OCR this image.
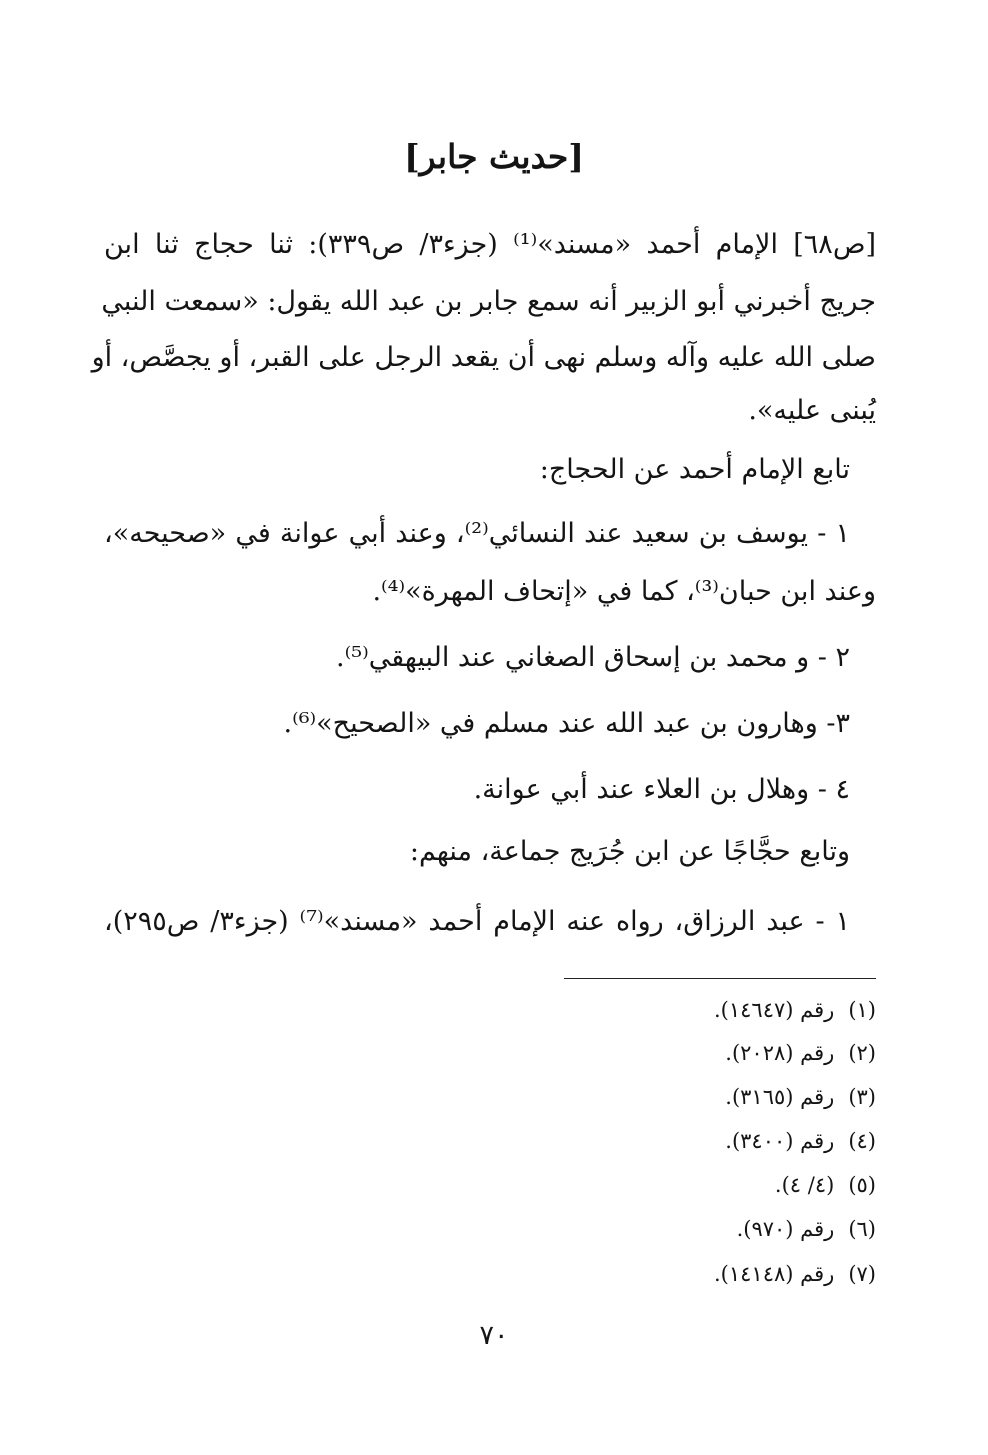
[حديث جابر]
[ص٦٨] الإمام أحمد «مسند»⁽¹⁾ (جزء٣/ ص٣٣٩): ثنا حجاج ثنا ابن
جريج أخبرني أبو الزبير أنه سمع جابر بن عبد الله يقول: «سمعت النبي
صلى الله عليه وآله وسلم نهى أن يقعد الرجل على القبر، أو يجصَّص، أو
يُبنى عليه».
تابع الإمام أحمد عن الحجاج:
١ - يوسف بن سعيد عند النسائي⁽²⁾، وعند أبي عوانة في «صحيحه»،
وعند ابن حبان⁽³⁾، كما في «إتحاف المهرة»⁽⁴⁾.
٢ - و محمد بن إسحاق الصغاني عند البيهقي⁽⁵⁾.
٣- وهارون بن عبد الله عند مسلم في «الصحيح»⁽⁶⁾.
٤ - وهلال بن العلاء عند أبي عوانة.
وتابع حجَّاجًا عن ابن جُرَيج جماعة، منهم:
١ - عبد الرزاق، رواه عنه الإمام أحمد «مسند»⁽⁷⁾ (جزء٣/ ص٢٩٥)،
(١)رقم (١٤٦٤٧).
(٢)رقم (٢٠٢٨).
(٣)رقم (٣١٦٥).
(٤)رقم (٣٤٠٠).
(٥)(٤/ ٤).
(٦)رقم (٩٧٠).
(٧)رقم (١٤١٤٨).
٧٠
